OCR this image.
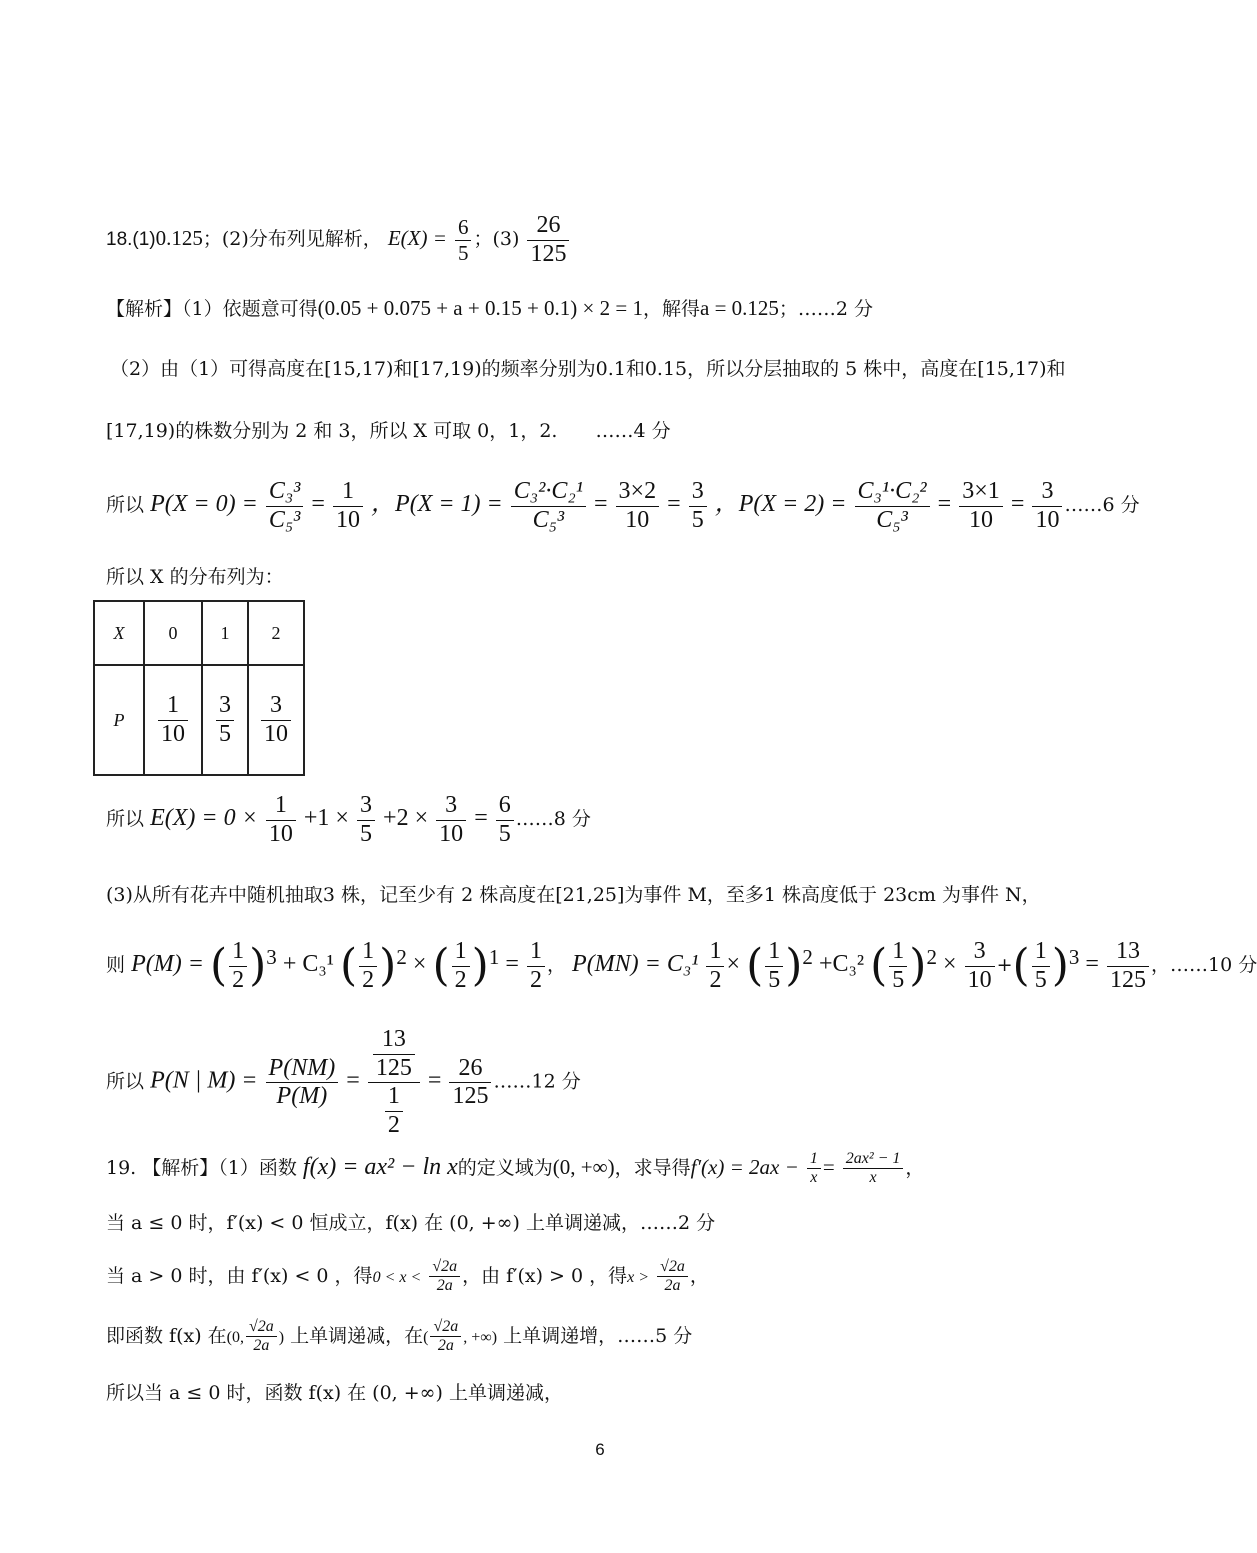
18.(1)0.125；(2)分布列见解析， $E(X) = \frac{6}{5}$ ；$(3) \frac{26}{125}$
【解析】（1）依题意可得(0.05 + 0.075 + a + 0.15 + 0.1) × 2 = 1，解得a = 0.125；……2 分
（2）由（1）可得高度在[15,17)和[17,19)的频率分别为0.1和0.15，所以分层抽取的 5 株中，高度在[15,17)和
[17,19)的株数分别为 2 和 3，所以 X 可取 0，1，2.　　……4 分
所以 $P(X = 0) = \frac{\text{C₃³}}{\text{C₅³}} = \frac{1}{10}$ ，$P(X = 1) = \frac{\text{C₃²·C₂¹}}{\text{C₅³}} = \frac{3\times 2}{10} = \frac{3}{5}$ ，$P(X = 2) = \frac{\text{C₃¹·C₂²}}{\text{C₅³}} = \frac{3\times 1}{10} = \frac{3}{10}$ ……6 分
所以 X 的分布列为：
X	0	1	2
P	$\frac{1}{10}$	$\frac{3}{5}$	$\frac{3}{10}$
所以 $E(X) = 0 \times \frac{1}{10} +1 \times \frac{3}{5} +2 \times \frac{3}{10} = \frac{6}{5}$ ……8 分
(3)从所有花卉中随机抽取3 株，记至少有 2 株高度在[21,25]为事件 M，至多1 株高度低于 23cm 为事件 N，
则 P(M) = ( $\frac{1}{2} )^3 + C_3^1$ ( $\frac{1}{2} )^2$ × ( $\frac{1}{2} )^1 = \frac{1}{2}$ ， $P(MN) = C_3^1 \frac{1}{2}$ × ( $\frac{1}{5} )^2 +C_3^2$ ( $\frac{1}{5} )^2 \times \frac{3}{10}$ +( $\frac{1}{5} )^3 = \frac{13}{125}$ ，……10 分
所以 P(N | $M) = \frac{P(NM)}{P(M)} = \frac{\frac{13}{125}}{\frac{1}{2}} = \frac{26}{125}$ ……12 分
19. 【解析】（1）函数 f(x) = ax² − ln x的定义域为(0, +∞)，求导得$f'(x) = 2ax - \frac{1}{x} = \frac{\text{2ax² − 1}}{x}$ ，
当 a ≤ 0 时，f′(x) < 0 恒成立，f(x) 在 (0, +∞) 上单调递减，……2 分
当 a > 0 时，由 f′(x) < 0 ，得$0 < x < \frac{√2a}{2a}$ ，由 f′(x) > 0 ，得$x > \frac{√2a}{2a}$ ，
即函数 f(x) 在(0, $\frac{√2a}{2a}$ ) 上单调递减，在( $\frac{√2a}{2a}$ , +∞) 上单调递增，……5 分
所以当 a ≤ 0 时，函数 f(x) 在 (0, +∞) 上单调递减，
6
